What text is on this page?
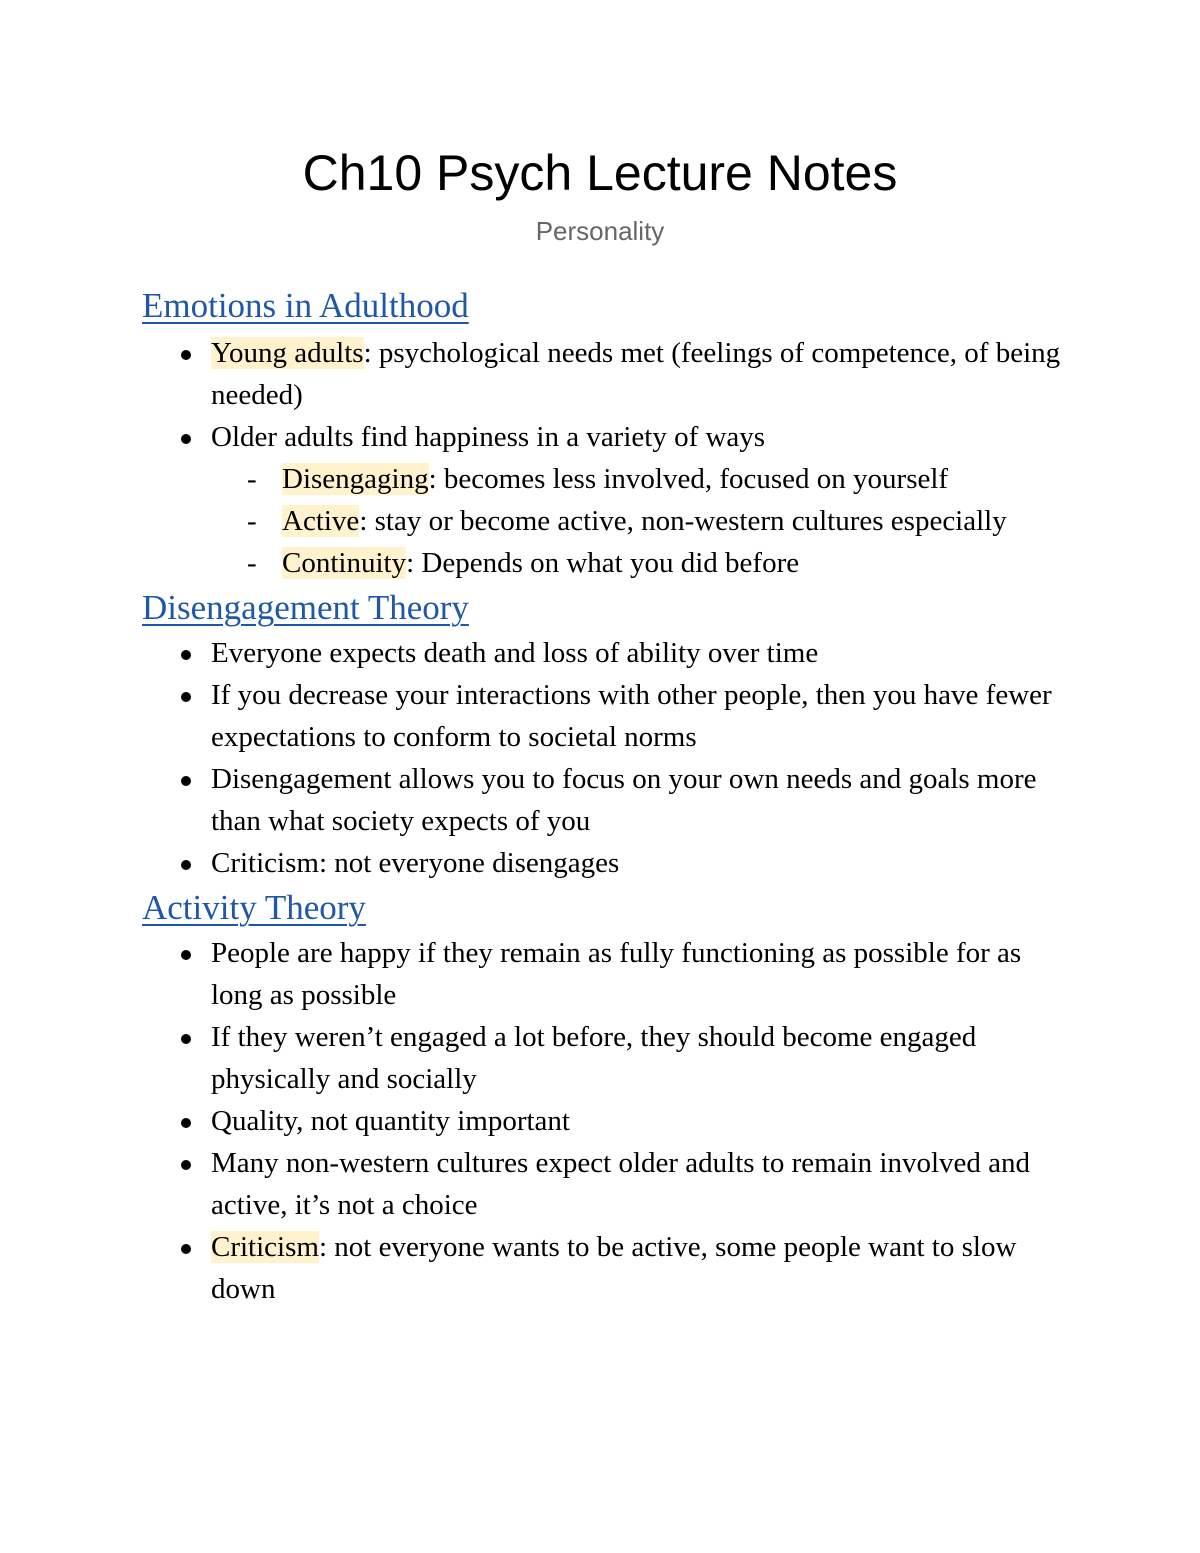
Ch10 Psych Lecture Notes

Personality

Emotions in Adulthood
Young adults: psychological needs met (feelings of competence, of being needed)
Older adults find happiness in a variety of ways
- Disengaging: becomes less involved, focused on yourself
- Active: stay or become active, non-western cultures especially
- Continuity: Depends on what you did before
Disengagement Theory
Everyone expects death and loss of ability over time
If you decrease your interactions with other people, then you have fewer expectations to conform to societal norms
Disengagement allows you to focus on your own needs and goals more than what society expects of you
Criticism: not everyone disengages
Activity Theory
People are happy if they remain as fully functioning as possible for as long as possible
If they weren’t engaged a lot before, they should become engaged physically and socially
Quality, not quantity important
Many non-western cultures expect older adults to remain involved and active, it’s not a choice
Criticism: not everyone wants to be active, some people want to slow down
